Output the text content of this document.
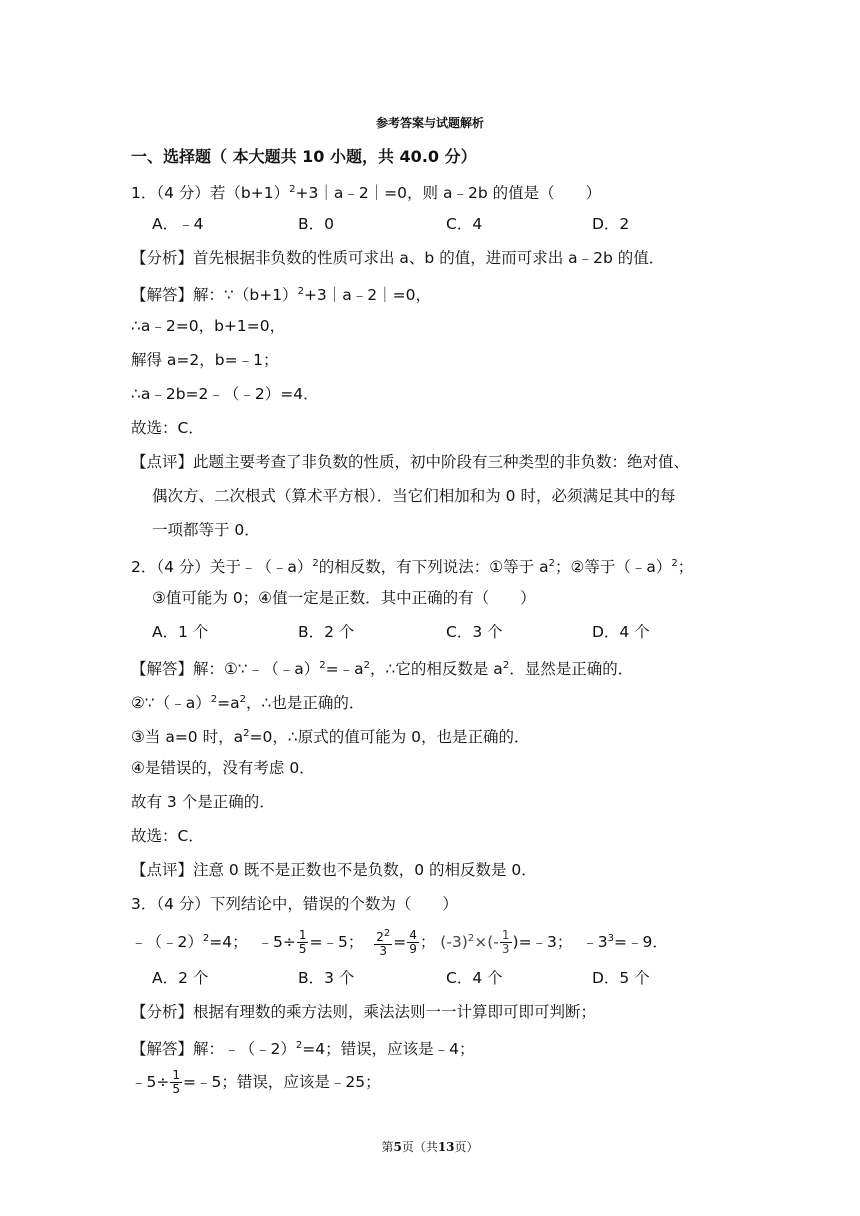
参考答案与试题解析
一、选择题（ 本大题共 10 小题，共 40.0 分）
1．（4 分）若$(b+1)^2+3|a﹣2|=0$，则 a﹣2b 的值是（　　）
A．﹣4	B．0	C．4	D．2
【分析】首先根据非负数的性质可求出 a、b 的值，进而可求出 a﹣2b 的值．
【解答】解：$\because(b+1)^2+3|a﹣2|=0$，
∴a﹣2=0，b+1=0，
解得 a=2，b=﹣1；
∴a﹣2b=2﹣（﹣2）=4．
故选：C．
【点评】此题主要考查了非负数的性质，初中阶段有三种类型的非负数：绝对值、
偶次方、二次根式（算术平方根）．当它们相加和为 0 时，必须满足其中的每
一项都等于 0．
2．（4 分）关于﹣（﹣a）$^2$的相反数，有下列说法：①等于 $a^2$；②等于（﹣a）$^2$；
③值可能为 0；④值一定是正数．其中正确的有（　　）
A．1 个	B．2 个	C．3 个	D．4 个
【解答】解：$①\because﹣(﹣a)^2=﹣a^2$，∴它的相反数是 $a^2$．显然是正确的．
$②\because(﹣a)^2=a^2$，∴也是正确的．
③当 a=0 时，$a^2=0$，∴原式的值可能为 0，也是正确的．
④是错误的，没有考虑 0．
故有 3 个是正确的．
故选：C．
【点评】注意 0 既不是正数也不是负数，0 的相反数是 0．
3．（4 分）下列结论中，错误的个数为（　　）
﹣（﹣2）$^2$=4； ﹣5÷ $\frac{1}{5}$ =﹣5； $\frac{2^2}{3} = \frac{4}{9}$ ； $(-3)^2\times(- \frac{1}{3}$ )=﹣3； $﹣3^3=﹣9$．
A．2 个	B．3 个	C．4 个	D．5 个
【分析】根据有理数的乘方法则，乘法法则一一计算即可即可判断；
【解答】解：﹣（﹣2）$^2$=4；错误，应该是﹣4；
﹣5÷ $\frac{1}{5}$ =﹣5；错误，应该是﹣25；
第5页（共13页）
